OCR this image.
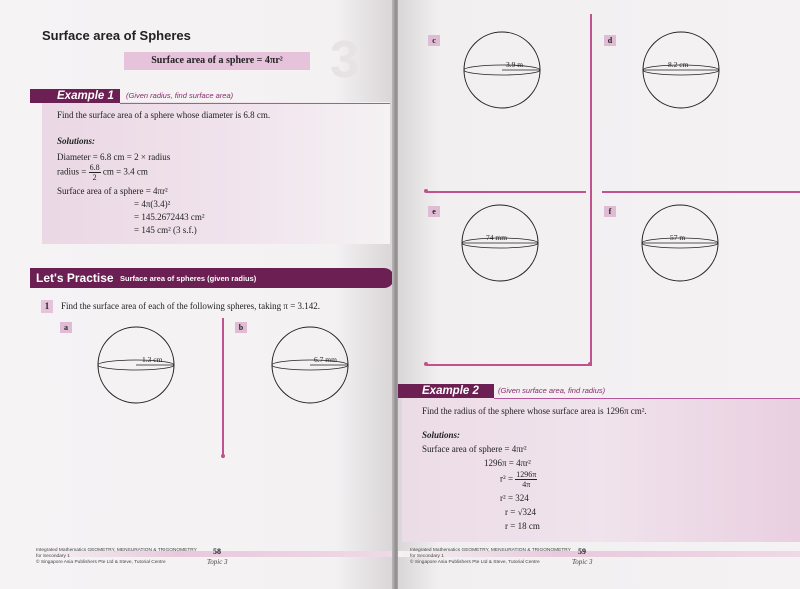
3
Surface area of Spheres
Surface area of a sphere = 4πr²
Example 1 (Given radius, find surface area)
Find the surface area of a sphere whose diameter is 6.8 cm.
Solutions:
Diameter = 6.8 cm = 2 × radius
radius = $\frac{6.8}{2}$ cm = 3.4 cm
Surface area of a sphere = 4πr²
= 4π(3.4)²
= 145.2672443 cm²
= 145 cm² (3 s.f.)
Let's Practise Surface area of spheres (given radius)
1	Find the surface area of each of the following spheres, taking π = 3.142.
a
1.3 cm
b
6.7 mm
Integrated Mathematics GEOMETRY, MENSURATION & TRIGONOMETRY
for Secondary 1
© Singapore Asia Publishers Pte Ltd & Steve, Tutorial Centre
58
Topic 3
c
3.9 m
d
8.2 cm
e
74 mm
f
57 m
Example 2	(Given surface area, find radius)
Find the radius of the sphere whose surface area is 1296π cm².
Solutions:
Surface area of sphere = 4πr²
1296π = 4πr²
$r^2 = \frac{1296\pi}{4\pi}$
r² = 324
r = √324
r = 18 cm
Integrated Mathematics GEOMETRY, MENSURATION & TRIGONOMETRY
for Secondary 1
© Singapore Asia Publishers Pte Ltd & Steve, Tutorial Centre
59
Topic 3
